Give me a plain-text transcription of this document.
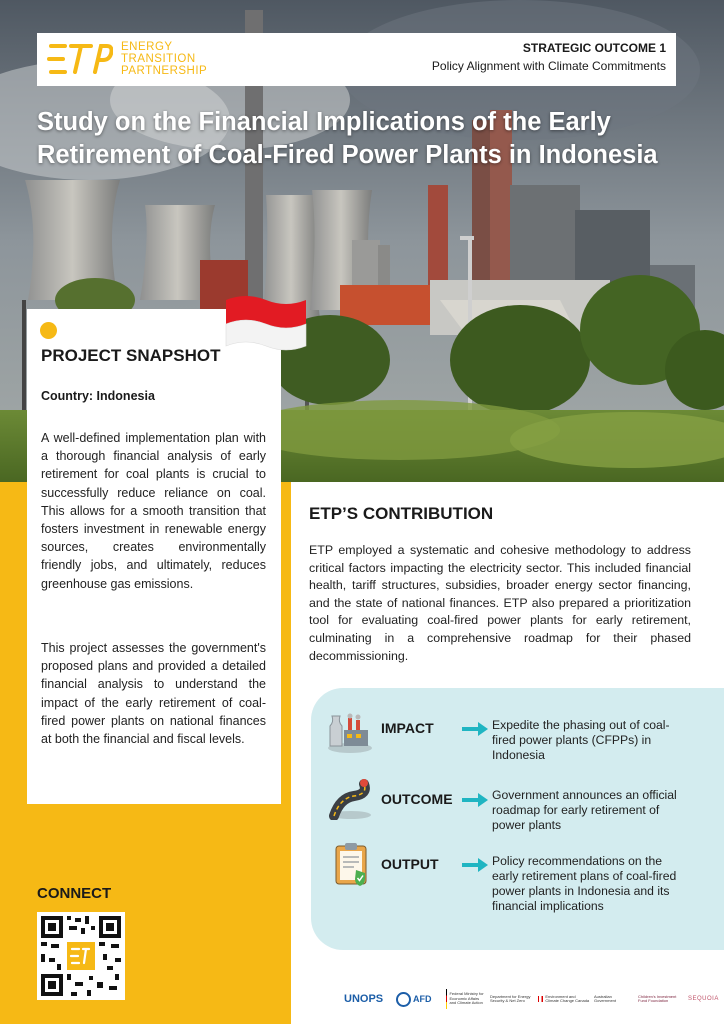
ENERGY
TRANSITION
PARTNERSHIP
STRATEGIC OUTCOME 1
Policy Alignment with Climate Commitments
Study on the Financial Implications of the Early Retirement of Coal-Fired Power Plants in Indonesia
PROJECT SNAPSHOT
Country: Indonesia
A well-defined implementation plan with a thorough financial analysis of early retirement for coal plants is crucial to successfully reduce reliance on coal. This allows for a smooth transition that fosters investment in renewable energy sources, creates environmentally friendly jobs, and ultimately, reduces greenhouse gas emissions.
This project assesses the government's proposed plans and provided a detailed financial analysis to understand the impact of the early retirement of coal-fired power plants on national finances at both the financial and fiscal levels.
CONNECT
ETP’S CONTRIBUTION
ETP employed a systematic and cohesive methodology to address critical factors impacting the electricity sector. This included financial health, tariff structures, subsidies, broader energy sector financing, and the state of national finances. ETP also prepared a prioritization tool for evaluating coal-fired power plants for early retirement, culminating in a comprehensive roadmap for their phased decommissioning.
IMPACT	Expedite the phasing out of coal-fired power plants (CFPPs) in Indonesia
OUTCOME	Government announces an official roadmap for early retirement of power plants
OUTPUT	Policy recommendations on the early retirement plans of coal-fired power plants in Indonesia and its financial implications
UNOPS	AFD
Federal Ministry for Economic Affairs and Climate Action
Department for Energy Security & Net Zero
Environment and Climate Change Canada
Australian Government
Children's Investment Fund Foundation	SEQUOIA
